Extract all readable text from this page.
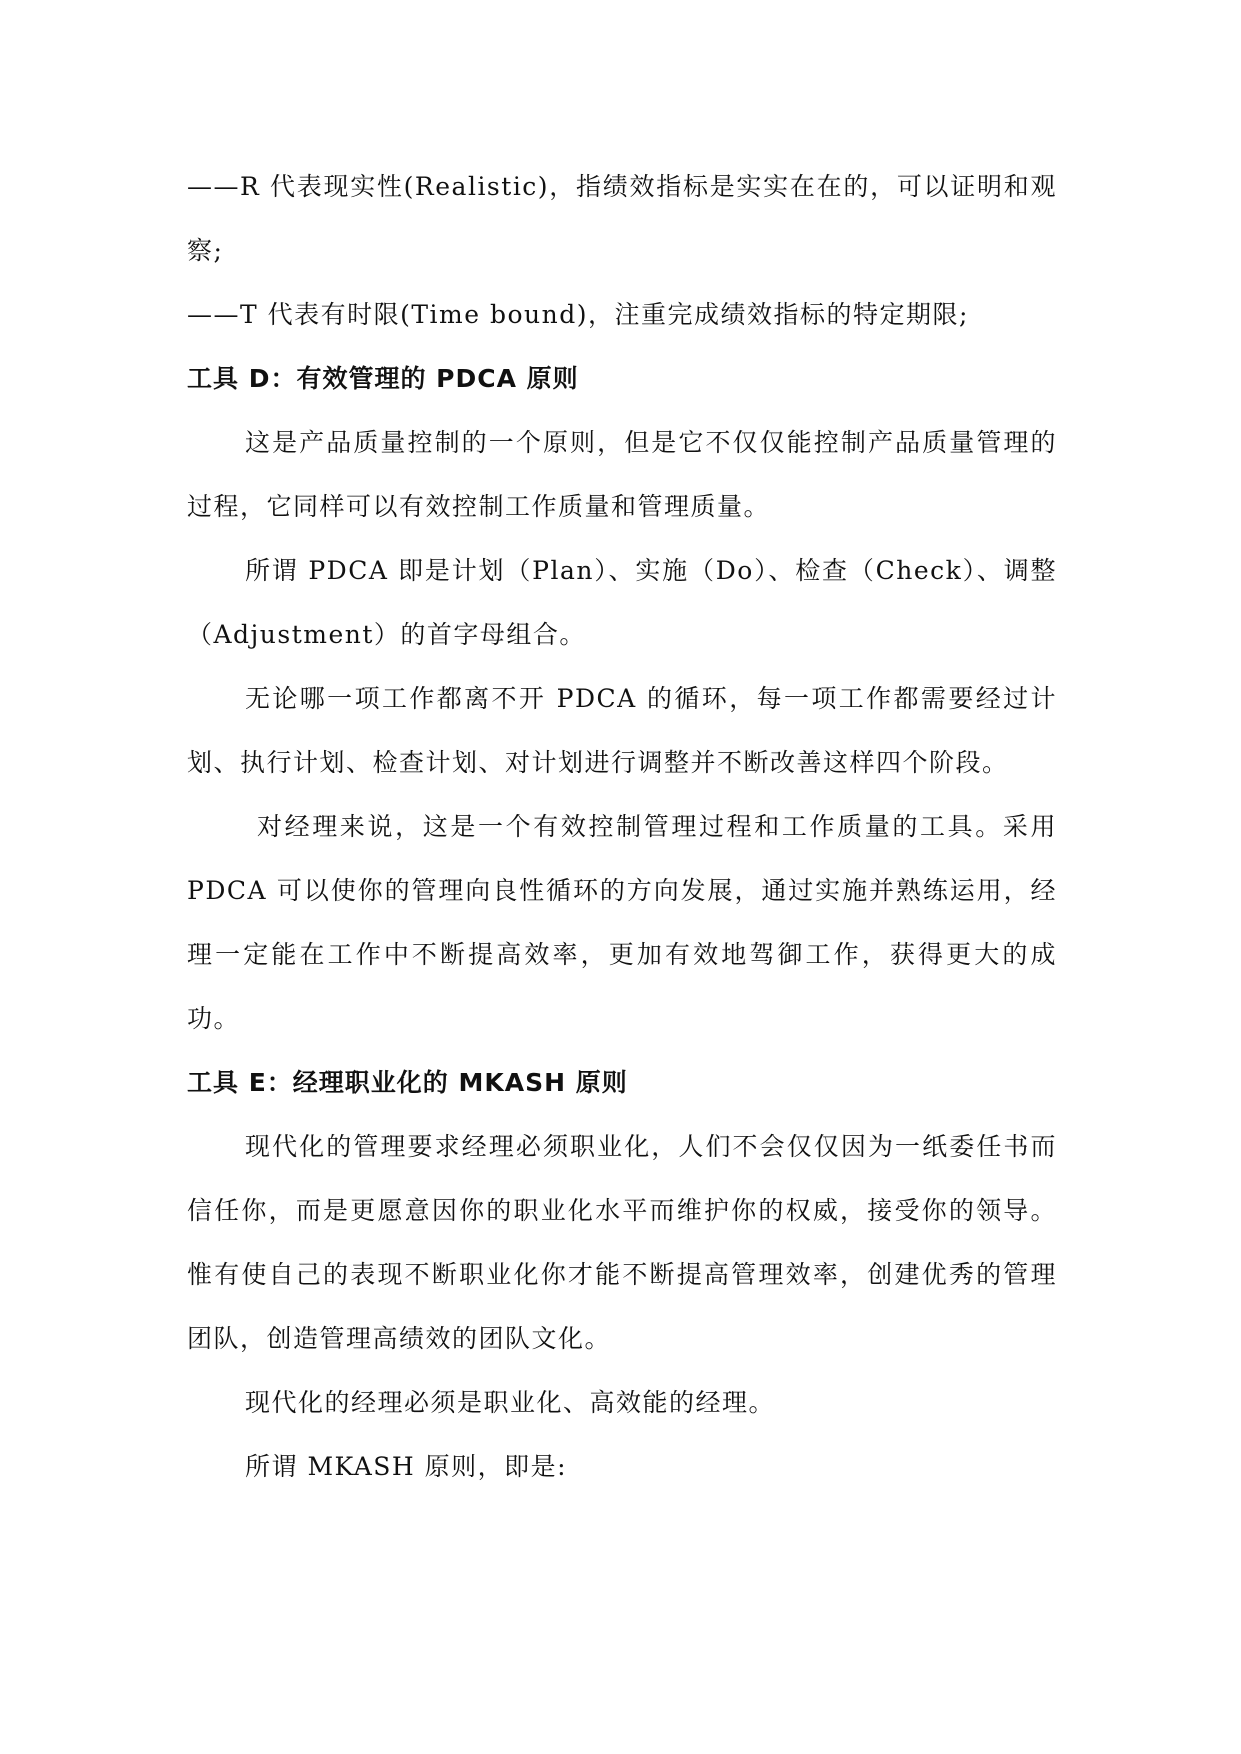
——R 代表现实性(Realistic)，指绩效指标是实实在在的，可以证明和观察;

——T 代表有时限(Time bound)，注重完成绩效指标的特定期限;

工具 D：有效管理的 PDCA 原则

这是产品质量控制的一个原则，但是它不仅仅能控制产品质量管理的过程，它同样可以有效控制工作质量和管理质量。

所谓 PDCA 即是计划（Plan）、实施（Do）、检查（Check）、调整（Adjustment）的首字母组合。

无论哪一项工作都离不开 PDCA 的循环，每一项工作都需要经过计划、执行计划、检查计划、对计划进行调整并不断改善这样四个阶段。

对经理来说，这是一个有效控制管理过程和工作质量的工具。采用 PDCA 可以使你的管理向良性循环的方向发展，通过实施并熟练运用，经理一定能在工作中不断提高效率，更加有效地驾御工作，获得更大的成功。

工具 E：经理职业化的 MKASH 原则

现代化的管理要求经理必须职业化，人们不会仅仅因为一纸委任书而信任你，而是更愿意因你的职业化水平而维护你的权威，接受你的领导。惟有使自己的表现不断职业化你才能不断提高管理效率，创建优秀的管理团队，创造管理高绩效的团队文化。

现代化的经理必须是职业化、高效能的经理。

所谓 MKASH 原则，即是:
